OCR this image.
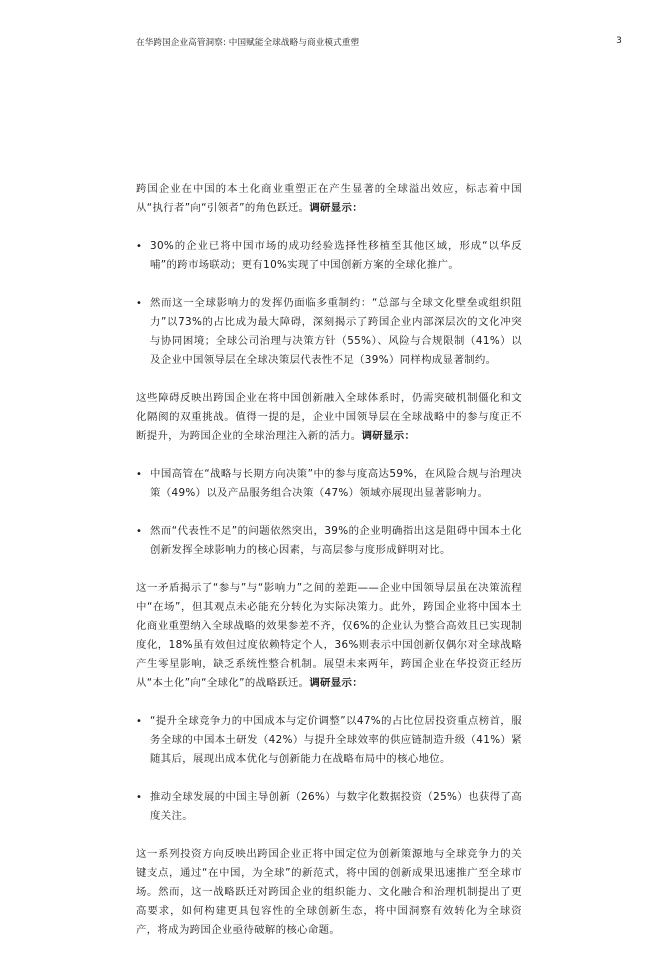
在华跨国企业高管洞察: 中国赋能全球战略与商业模式重塑	3

跨国企业在中国的本土化商业重塑正在产生显著的全球溢出效应，标志着中国从“执行者”向“引领者”的角色跃迁。调研显示：

• 30%的企业已将中国市场的成功经验选择性移植至其他区域，形成“以华反哺”的跨市场联动；更有10%实现了中国创新方案的全球化推广。
• 然而这一全球影响力的发挥仍面临多重制约：“总部与全球文化壁垒或组织阻力”以73%的占比成为最大障碍，深刻揭示了跨国企业内部深层次的文化冲突与协同困境；全球公司治理与决策方针（55%）、风险与合规限制（41%）以及企业中国领导层在全球决策层代表性不足（39%）同样构成显著制约。

这些障碍反映出跨国企业在将中国创新融入全球体系时，仍需突破机制僵化和文化隔阂的双重挑战。值得一提的是，企业中国领导层在全球战略中的参与度正不断提升，为跨国企业的全球治理注入新的活力。调研显示：

• 中国高管在“战略与长期方向决策”中的参与度高达59%，在风险合规与治理决策（49%）以及产品服务组合决策（47%）领域亦展现出显著影响力。
• 然而“代表性不足”的问题依然突出，39%的企业明确指出这是阻碍中国本土化创新发挥全球影响力的核心因素，与高层参与度形成鲜明对比。

这一矛盾揭示了“参与”与“影响力”之间的差距——企业中国领导层虽在决策流程中“在场”，但其观点未必能充分转化为实际决策力。此外，跨国企业将中国本土化商业重塑纳入全球战略的效果参差不齐，仅6%的企业认为整合高效且已实现制度化，18%虽有效但过度依赖特定个人，36%则表示中国创新仅偶尔对全球战略产生零星影响，缺乏系统性整合机制。展望未来两年，跨国企业在华投资正经历从“本土化”向“全球化”的战略跃迁。调研显示：

• “提升全球竞争力的中国成本与定价调整”以47%的占比位居投资重点榜首，服务全球的中国本土研发（42%）与提升全球效率的供应链制造升级（41%）紧随其后，展现出成本优化与创新能力在战略布局中的核心地位。
• 推动全球发展的中国主导创新（26%）与数字化数据投资（25%）也获得了高度关注。

这一系列投资方向反映出跨国企业正将中国定位为创新策源地与全球竞争力的关键支点，通过“在中国，为全球”的新范式，将中国的创新成果迅速推广至全球市场。然而，这一战略跃迁对跨国企业的组织能力、文化融合和治理机制提出了更高要求，如何构建更具包容性的全球创新生态，将中国洞察有效转化为全球资产，将成为跨国企业亟待破解的核心命题。
